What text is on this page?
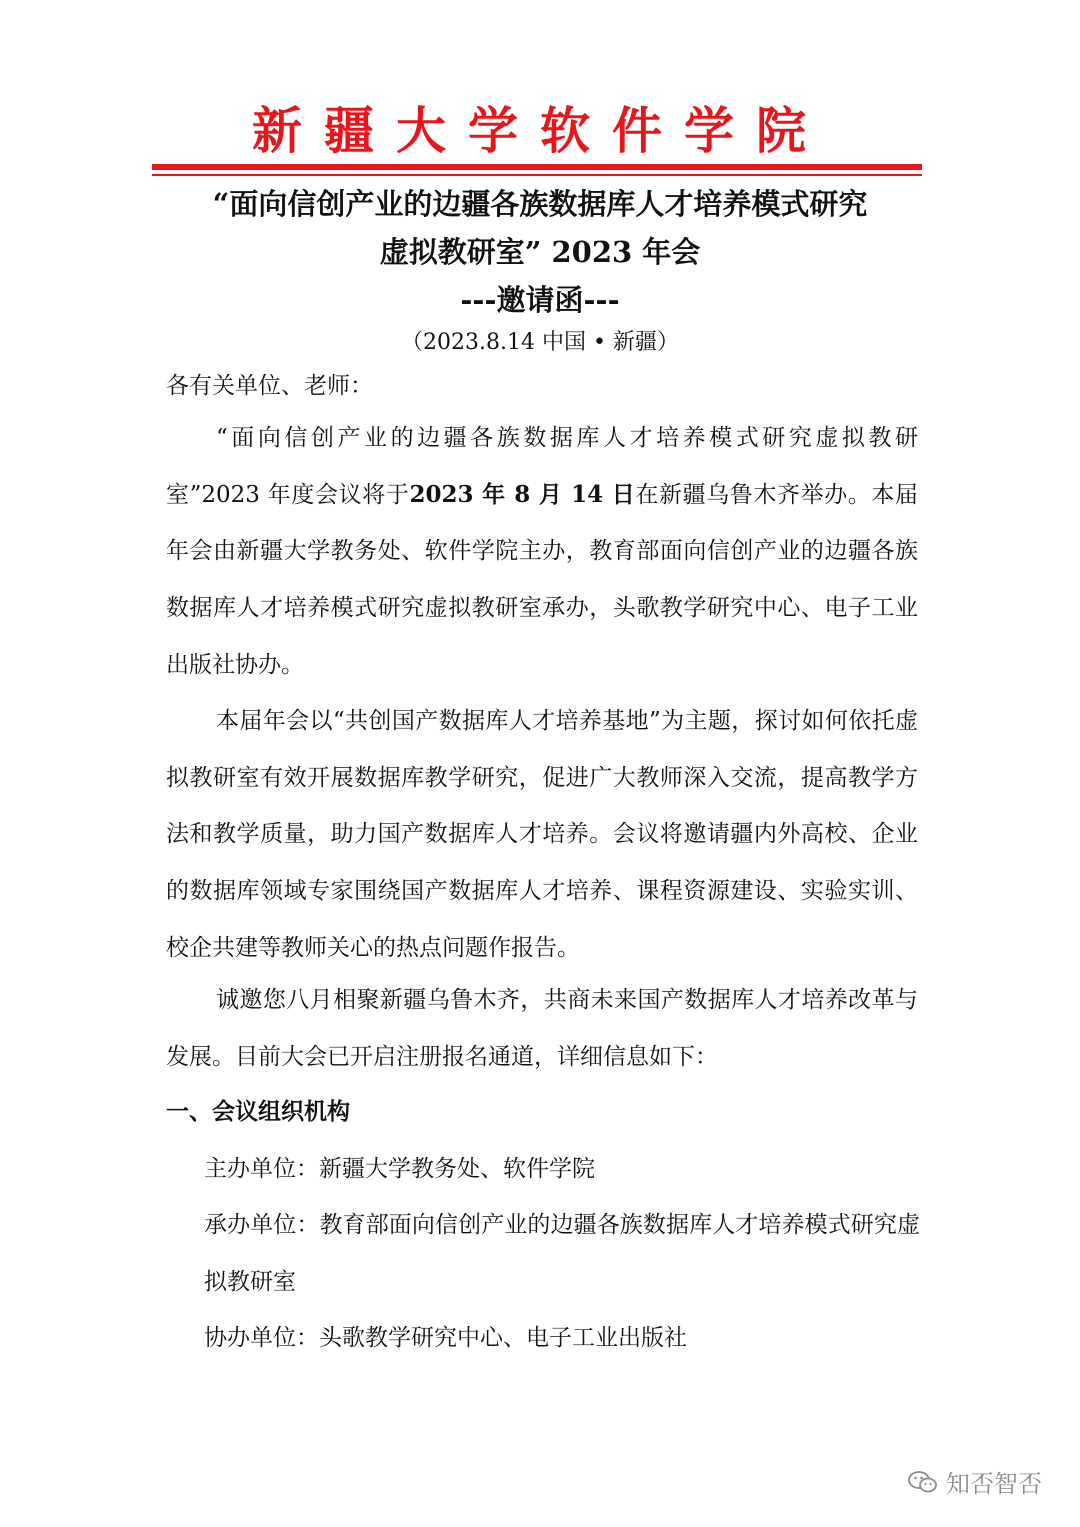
新疆大学软件学院
“面向信创产业的边疆各族数据库人才培养模式研究
虚拟教研室” 2023 年会
---邀请函---
（2023.8.14 中国 • 新疆）
各有关单位、老师：
“面向信创产业的边疆各族数据库人才培养模式研究虚拟教研室”2023 年度会议将于2023 年 8 月 14 日在新疆乌鲁木齐举办。本届年会由新疆大学教务处、软件学院主办，教育部面向信创产业的边疆各族数据库人才培养模式研究虚拟教研室承办，头歌教学研究中心、电子工业出版社协办。
本届年会以“共创国产数据库人才培养基地”为主题，探讨如何依托虚拟教研室有效开展数据库教学研究，促进广大教师深入交流，提高教学方法和教学质量，助力国产数据库人才培养。会议将邀请疆内外高校、企业的数据库领域专家围绕国产数据库人才培养、课程资源建设、实验实训、校企共建等教师关心的热点问题作报告。
诚邀您八月相聚新疆乌鲁木齐，共商未来国产数据库人才培养改革与发展。目前大会已开启注册报名通道，详细信息如下：
一、会议组织机构
主办单位：新疆大学教务处、软件学院
承办单位：教育部面向信创产业的边疆各族数据库人才培养模式研究虚拟教研室
协办单位：头歌教学研究中心、电子工业出版社
知否智否
